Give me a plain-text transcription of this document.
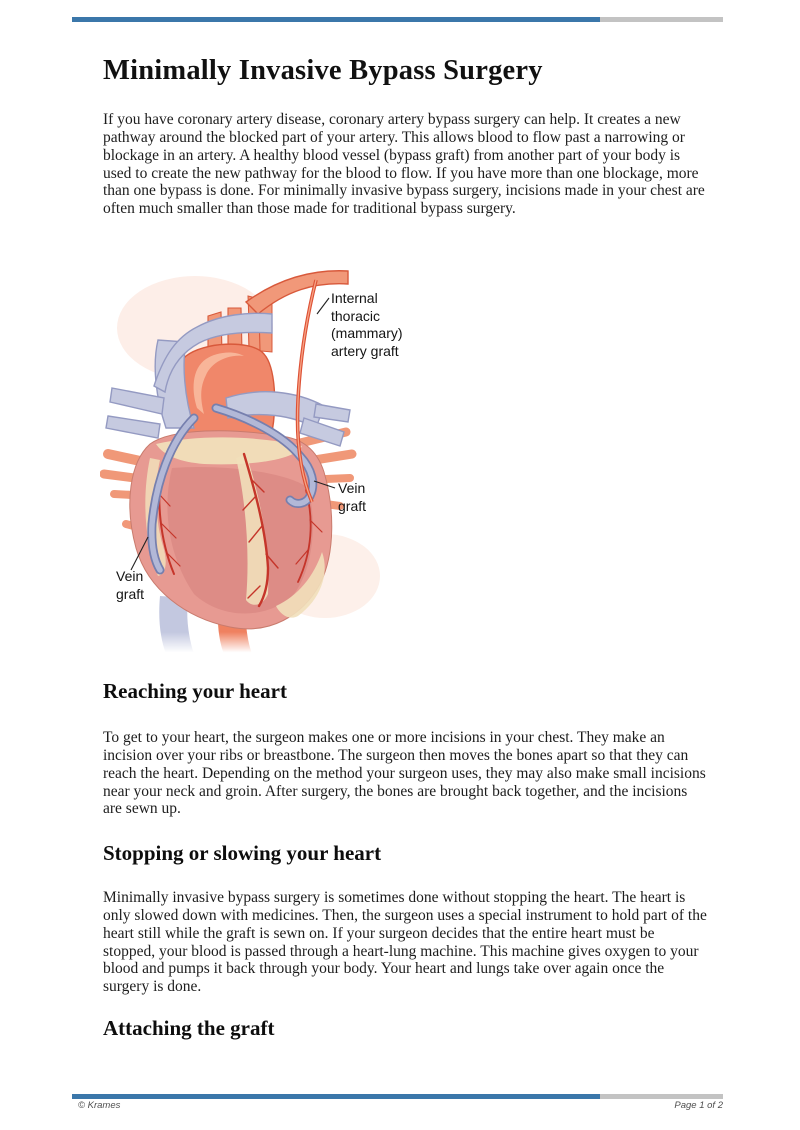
Minimally Invasive Bypass Surgery

If you have coronary artery disease, coronary artery bypass surgery can help. It creates a new pathway around the blocked part of your artery. This allows blood to flow past a narrowing or blockage in an artery. A healthy blood vessel (bypass graft) from another part of your body is used to create the new pathway for the blood to flow. If you have more than one blockage, more than one bypass is done. For minimally invasive bypass surgery, incisions made in your chest are often much smaller than those made for traditional bypass surgery.

Internal
thoracic
(mammary)
artery graft
Vein
graft
Vein
graft
Reaching your heart

To get to your heart, the surgeon makes one or more incisions in your chest. They make an incision over your ribs or breastbone. The surgeon then moves the bones apart so that they can reach the heart. Depending on the method your surgeon uses, they may also make small incisions near your neck and groin. After surgery, the bones are brought back together, and the incisions are sewn up.

Stopping or slowing your heart

Minimally invasive bypass surgery is sometimes done without stopping the heart. The heart is only slowed down with medicines. Then, the surgeon uses a special instrument to hold part of the heart still while the graft is sewn on. If your surgeon decides that the entire heart must be stopped, your blood is passed through a heart-lung machine. This machine gives oxygen to your blood and pumps it back through your body. Your heart and lungs take over again once the surgery is done.

Attaching the graft
© Krames	Page 1 of 2
